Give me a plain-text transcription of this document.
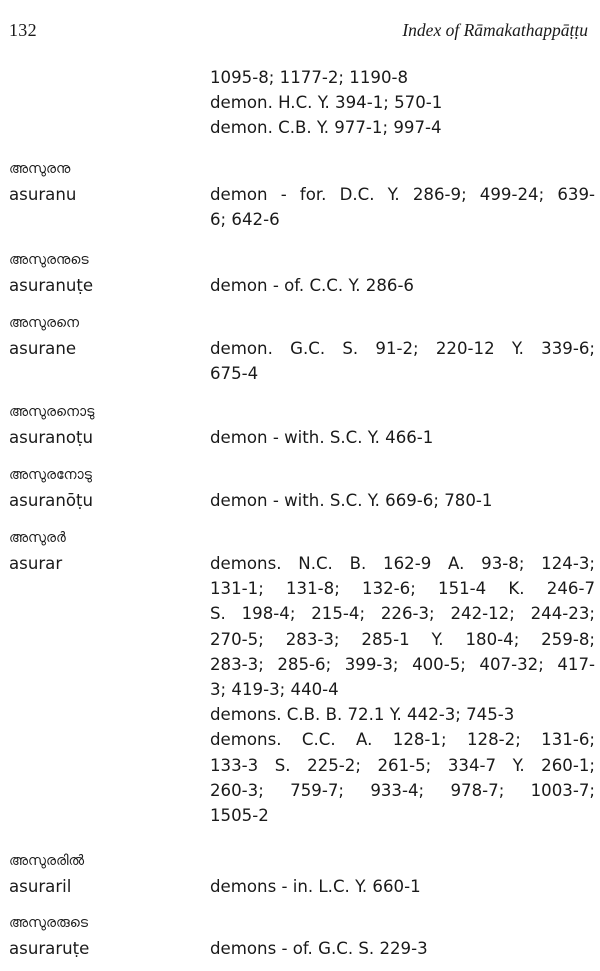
132	Index of Rāmakathappāṭṭu
1095-8; 1177-2; 1190-8
demon. H.C. Y. 394-1; 570-1
demon. C.B. Y. 977-1; 997-4
അസുരനു
asuranu	demon - for. D.C. Y. 286-9; 499-24; 639-
6; 642-6
അസുരനുടെ
asuranuṭe	demon - of. C.C. Y. 286-6
അസുരനെ
asurane	demon. G.C. S. 91-2; 220-12 Y. 339-6;
675-4
അസുരനൊടു
asuranoṭu	demon - with. S.C. Y. 466-1
അസുരനോടു
asuranōṭu	demon - with. S.C. Y. 669-6; 780-1
അസുരർ
asurar	demons. N.C. B. 162-9 A. 93-8; 124-3;
131-1; 131-8; 132-6; 151-4 K. 246-7
S. 198-4; 215-4; 226-3; 242-12; 244-23;
270-5; 283-3; 285-1 Y. 180-4; 259-8;
283-3; 285-6; 399-3; 400-5; 407-32; 417-
3; 419-3; 440-4
demons. C.B. B. 72.1 Y. 442-3; 745-3
demons. C.C. A. 128-1; 128-2; 131-6;
133-3 S. 225-2; 261-5; 334-7 Y. 260-1;
260-3; 759-7; 933-4; 978-7; 1003-7;
1505-2
അസുരരിൽ
asuraril	demons - in. L.C. Y. 660-1
അസുരരുടെ
asuraruṭe	demons - of. G.C. S. 229-3
